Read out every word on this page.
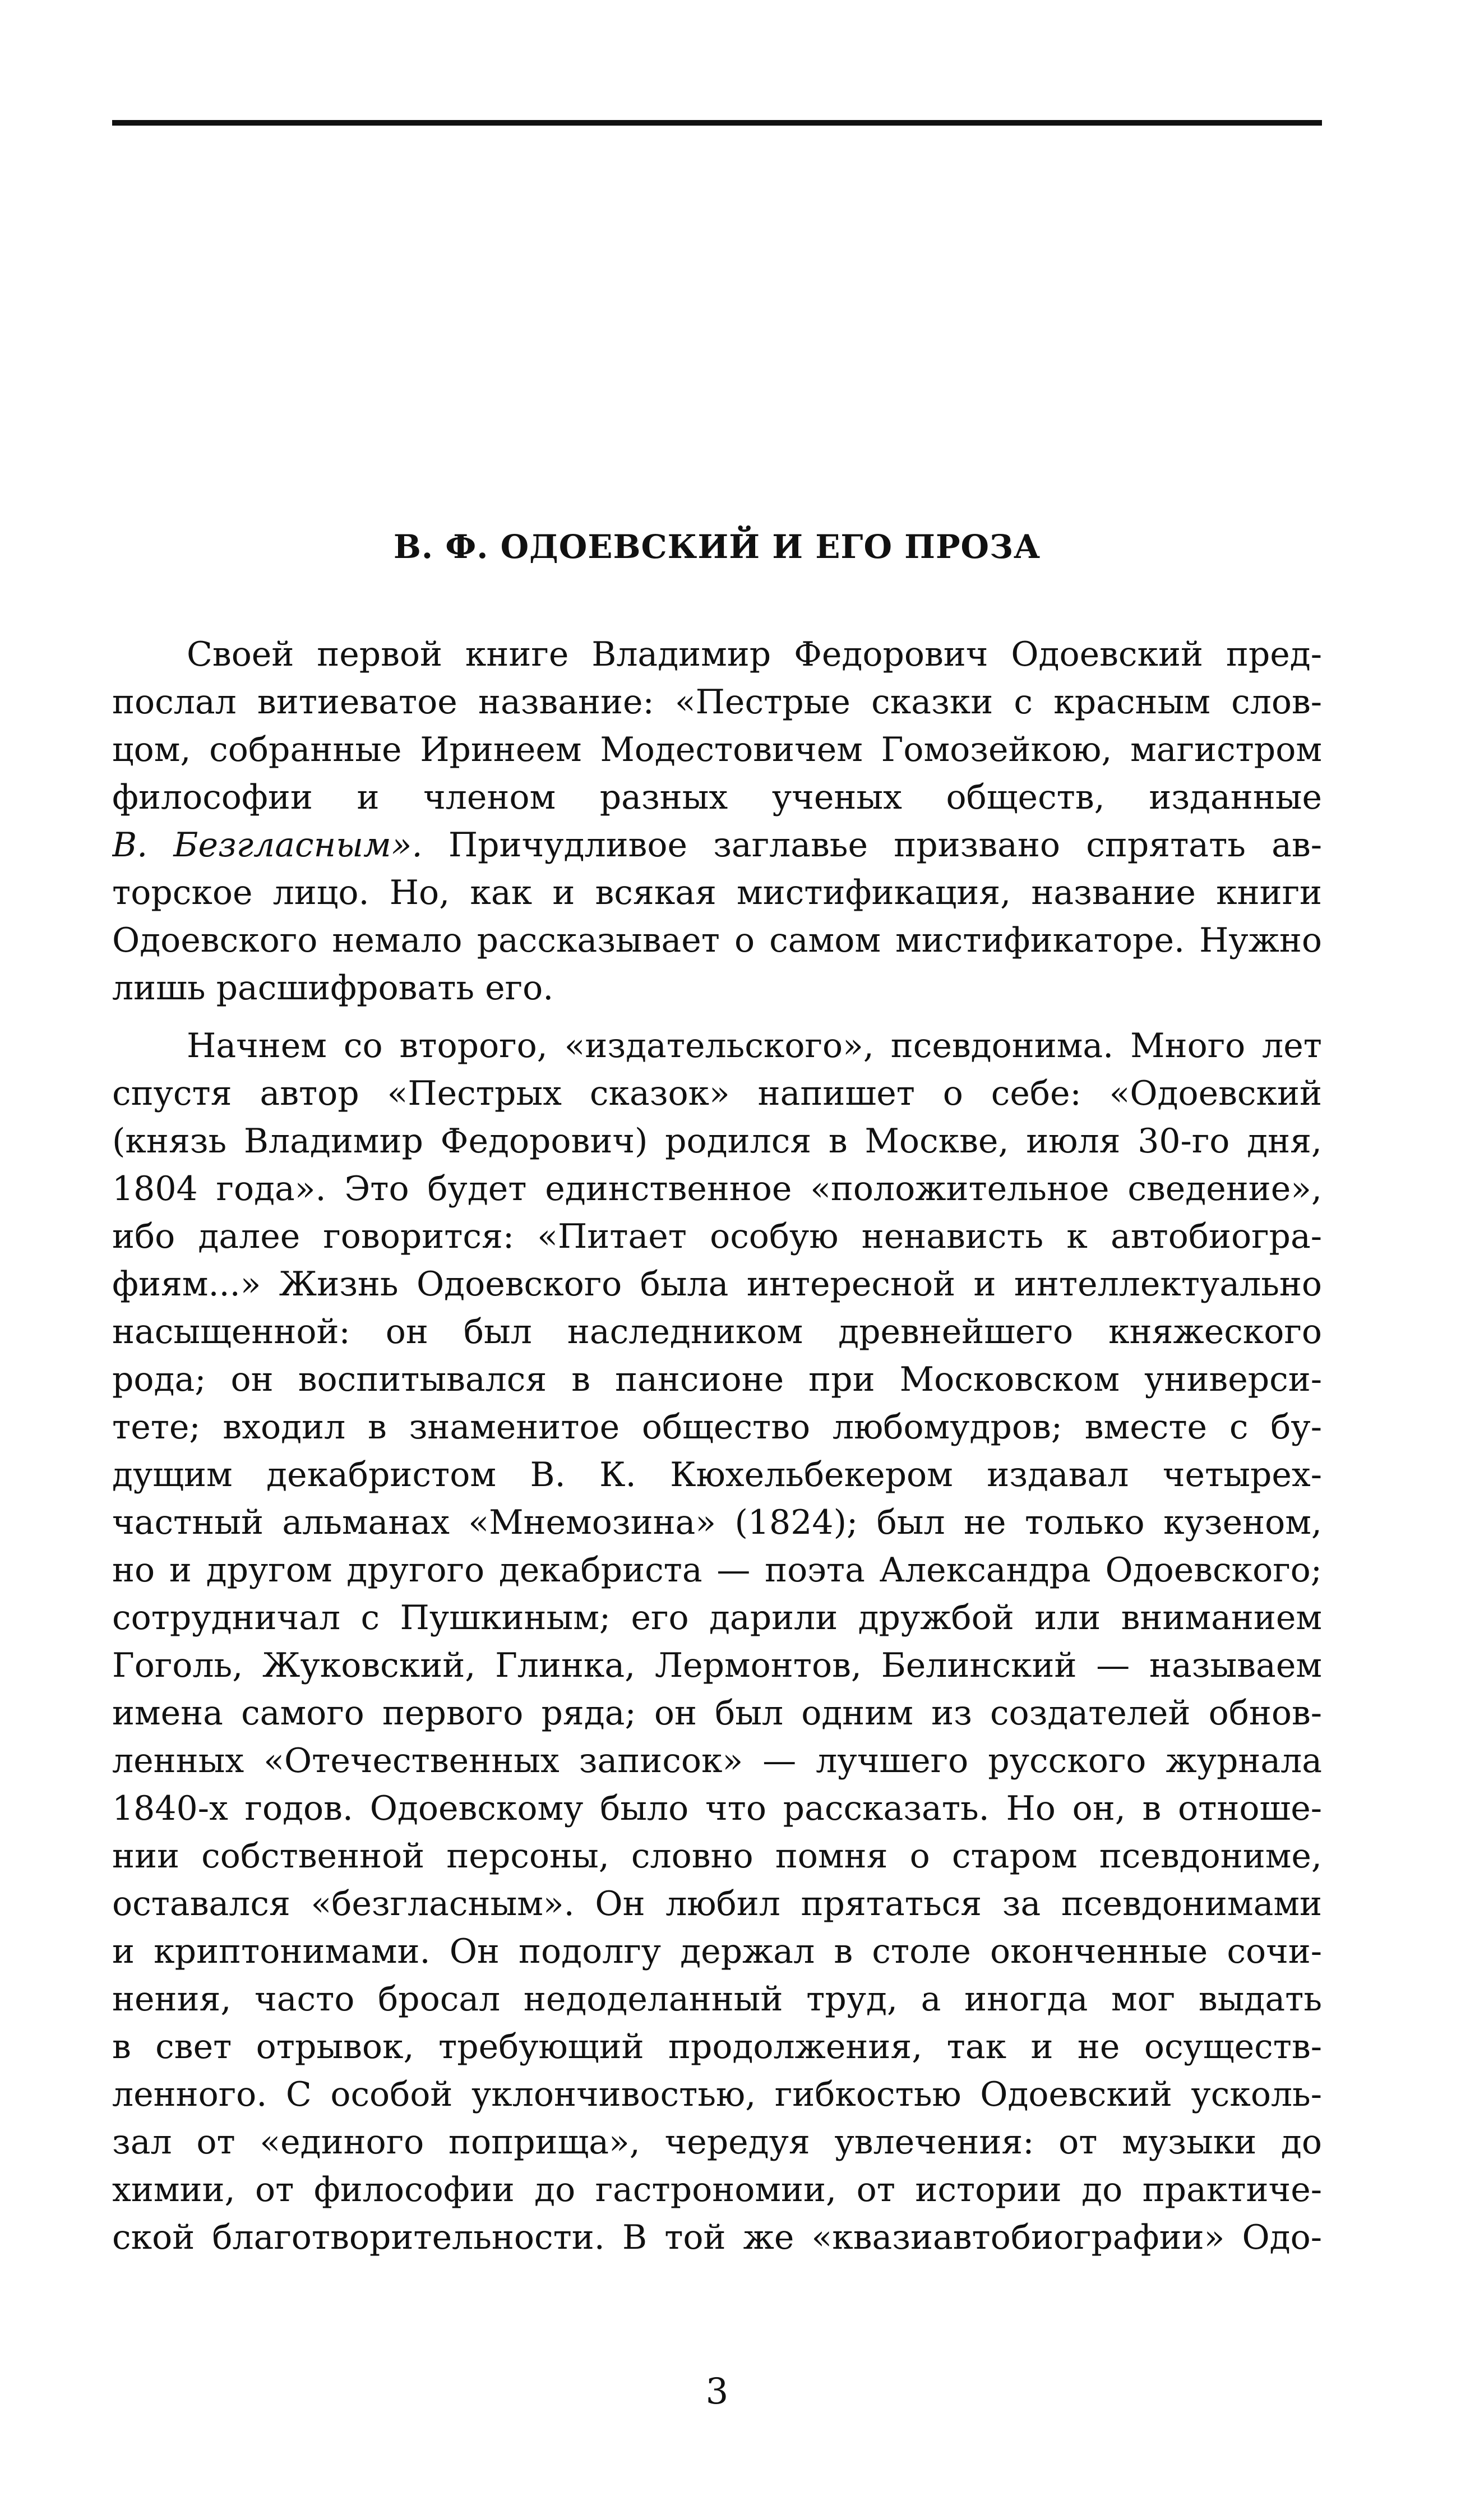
В. Ф. ОДОЕВСКИЙ И ЕГО ПРОЗА
Своей первой книге Владимир Федорович Одоевский пред-
послал витиеватое название: «Пестрые сказки с красным слов-
цом, собранные Иринеем Модестовичем Гомозейкою, магистром
философии и членом разных ученых обществ, изданные
В. Безгласным». Причудливое заглавье призвано спрятать ав-
торское лицо. Но, как и всякая мистификация, название книги
Одоевского немало рассказывает о самом мистификаторе. Нужно
лишь расшифровать его.
Начнем со второго, «издательского», псевдонима. Много лет
спустя автор «Пестрых сказок» напишет о себе: «Одоевский
(князь Владимир Федорович) родился в Москве, июля 30-го дня,
1804 года». Это будет единственное «положительное сведение»,
ибо далее говорится: «Питает особую ненависть к автобиогра-
фиям...» Жизнь Одоевского была интересной и интеллектуально
насыщенной: он был наследником древнейшего княжеского
рода; он воспитывался в пансионе при Московском универси-
тете; входил в знаменитое общество любомудров; вместе с бу-
дущим декабристом В. К. Кюхельбекером издавал четырех-
частный альманах «Мнемозина» (1824); был не только кузеном,
но и другом другого декабриста — поэта Александра Одоевского;
сотрудничал с Пушкиным; его дарили дружбой или вниманием
Гоголь, Жуковский, Глинка, Лермонтов, Белинский — называем
имена самого первого ряда; он был одним из создателей обнов-
ленных «Отечественных записок» — лучшего русского журнала
1840-х годов. Одоевскому было что рассказать. Но он, в отноше-
нии собственной персоны, словно помня о старом псевдониме,
оставался «безгласным». Он любил прятаться за псевдонимами
и криптонимами. Он подолгу держал в столе оконченные сочи-
нения, часто бросал недоделанный труд, а иногда мог выдать
в свет отрывок, требующий продолжения, так и не осуществ-
ленного. С особой уклончивостью, гибкостью Одоевский усколь-
зал от «единого поприща», чередуя увлечения: от музыки до
химии, от философии до гастрономии, от истории до практиче-
ской благотворительности. В той же «квазиавтобиографии» Одо-
3
